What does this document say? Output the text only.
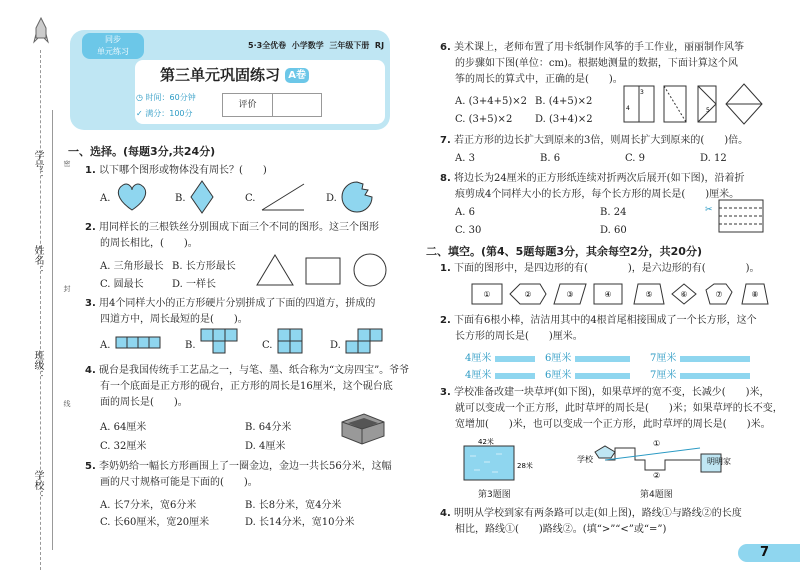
学号：
姓名：
班级：
学校：
密
封
线
同步
单元练习
5·3全优卷 小学数学 三年级下册 RJ
第三单元巩固练习 A卷
◷ 时间：60分钟
✓ 满分：100分
评价
一、选择。(每题3分,共24分)
1. 以下哪个图形或物体没有周长？(　　)
A.	B.	C.	D.
2. 用同样长的三根铁丝分别围成下面三个不同的图形。这三个图形
的周长相比，(　　)。
A. 三角形最长 B. 长方形最长
C. 圆最长	D. 一样长
3. 用4个同样大小的正方形硬片分别拼成了下面的四道方，拼成的
四道方中，周长最短的是(　　)。
A.	B.	C.	D.
4. 砚台是我国传统手工艺品之一，与笔、墨、纸合称为“文房四宝”。爷爷
有一个底面是正方形的砚台，正方形的周长是16厘米，这个砚台底
面的周长是(　　)。
A. 64厘米	B. 64分米
C. 32厘米	D. 4厘米
5. 李奶奶给一幅长方形画围上了一圈金边，金边一共长56分米，这幅
画的尺寸规格可能是下面的(　　)。
A. 长7分米，宽6分米	B. 长8分米，宽4分米
C. 长60厘米，宽20厘米	D. 长14分米，宽10分米
6. 美术课上，老师布置了用卡纸制作风筝的手工作业，丽丽制作风筝
的步骤如下图(单位：cm)。根据她测量的数据，下面计算这个风
筝的周长的算式中，正确的是(　　)。
A. (3+4+5)×2 B. (4+5)×2
C. (3+5)×2 D. (3+4)×2
3
4	5
7. 若正方形的边长扩大到原来的3倍，则周长扩大到原来的(　　)倍。
A. 3	B. 6	C. 9	D. 12
8. 将边长为24厘米的正方形纸连续对折两次后展开(如下图)，沿着折
痕剪成4个同样大小的长方形，每个长方形的周长是(　　)厘米。
A. 6	B. 24
C. 30	D. 60
✂
二、填空。(第4、5题每题3分，其余每空2分，共20分)
1. 下面的图形中，是四边形的有(　　　　)，是六边形的有(　　　　)。
①	②	③	④	⑤	⑥	⑦	⑧
2. 下面有6根小棒，洁洁用其中的4根首尾相接围成了一个长方形，这个
长方形的周长是(　　)厘米。
4厘米	6厘米	7厘米
4厘米	6厘米	7厘米
3. 学校准备改建一块草坪(如下图)，如果草坪的宽不变，长减少(　　)米，
就可以变成一个正方形，此时草坪的周长是(　　)米；如果草坪的长不变，
宽增加(　　)米，也可以变成一个正方形，此时草坪的周长是(　　)米。
42米
28米
第3题图
学校	明明家
①
②
第4题图
4. 明明从学校到家有两条路可以走(如上图)，路线①与路线②的长度
相比，路线①(　　)路线②。(填“>”“<”或“=”)
7
